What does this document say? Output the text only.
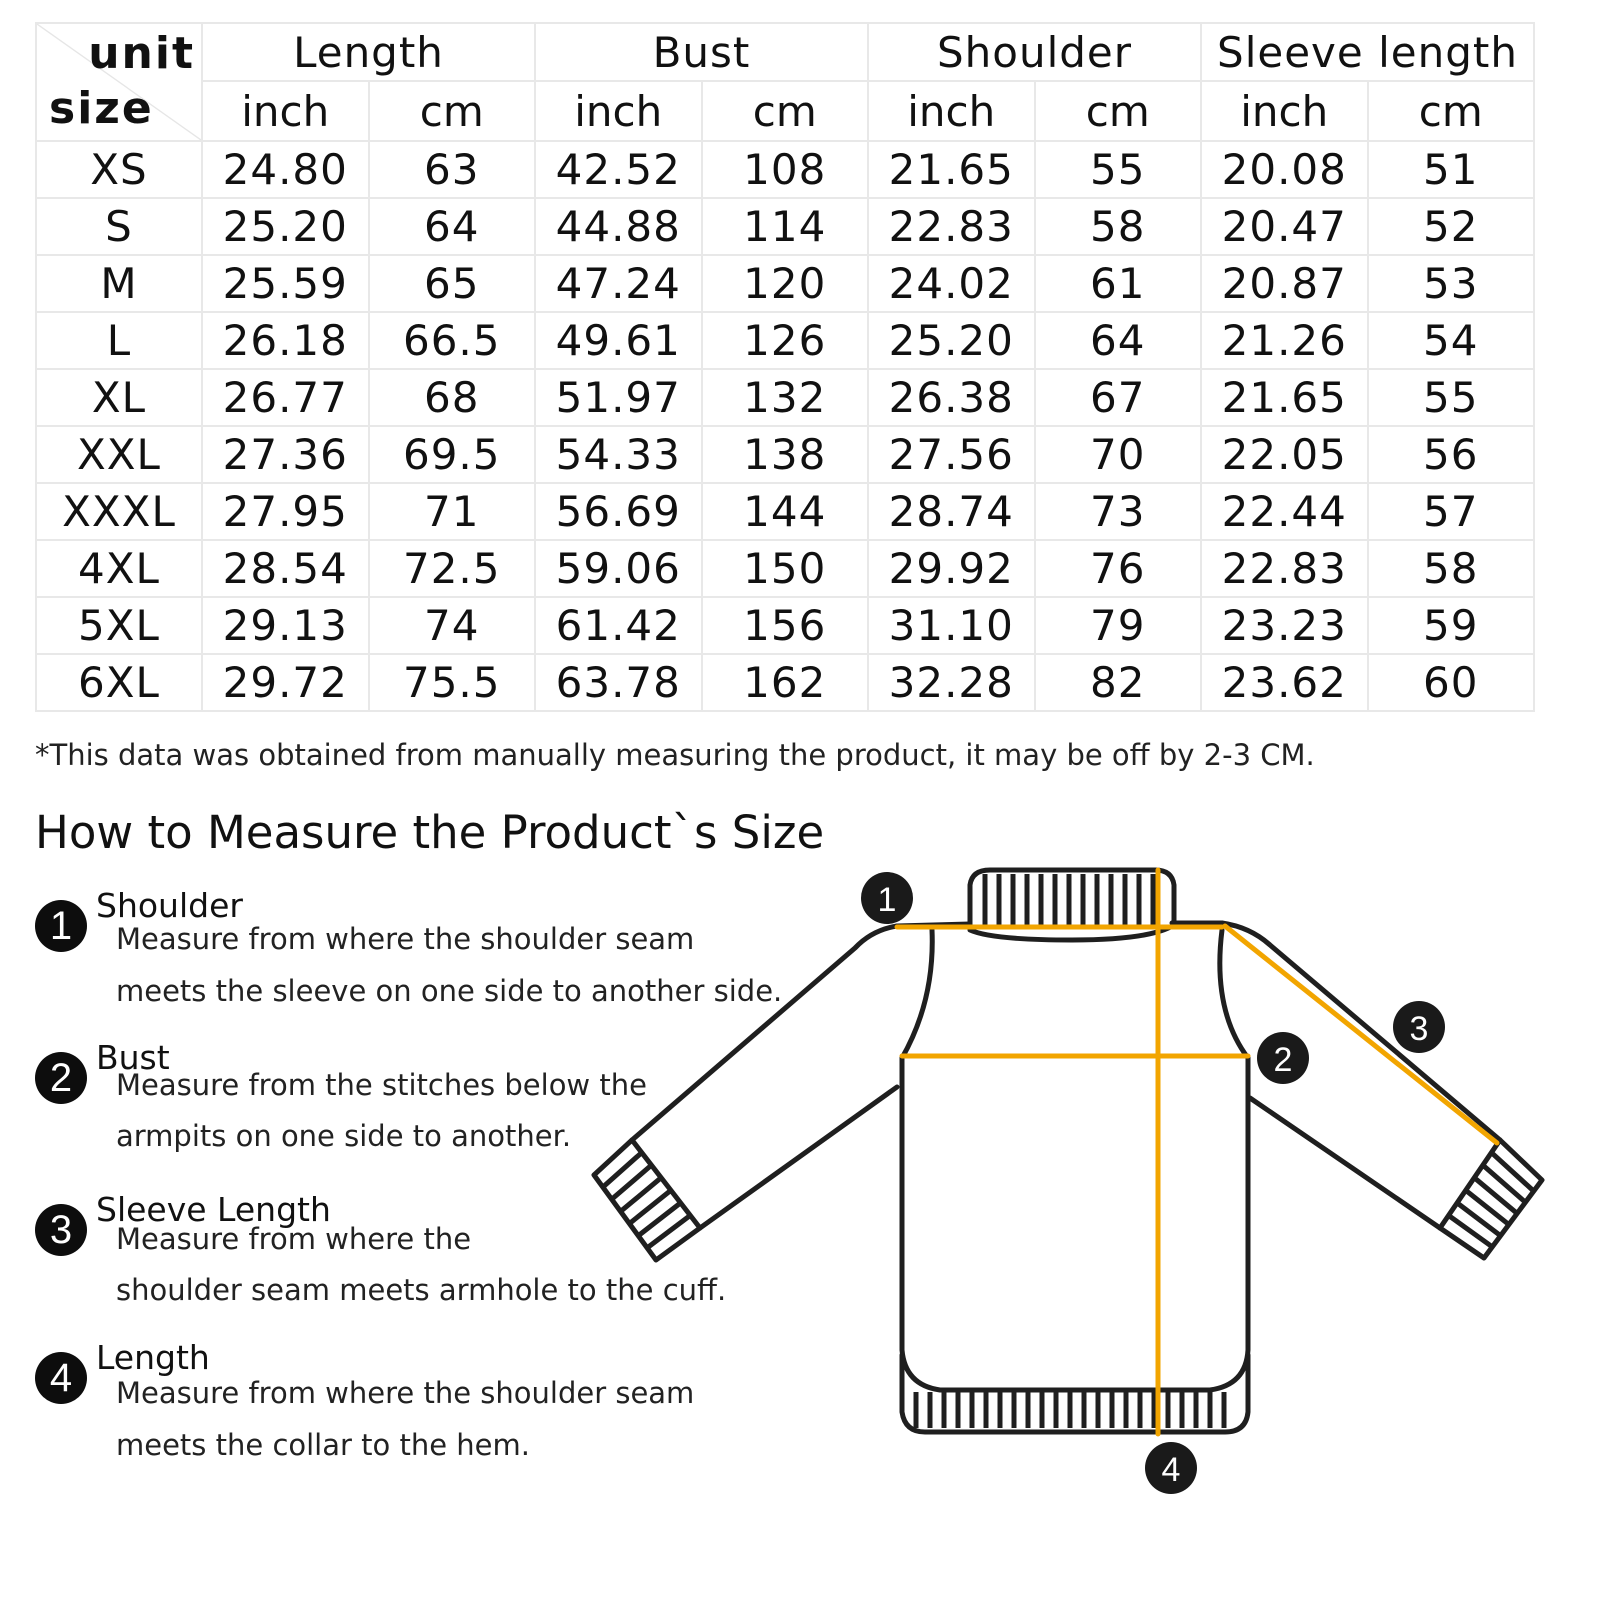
unit
size	Length		Bust		Shoulder		Sleeve length	
	inch	cm	inch	cm	inch	cm	inch	cm
XS	24.80	63	42.52	108	21.65	55	20.08	51
S	25.20	64	44.88	114	22.83	58	20.47	52
M	25.59	65	47.24	120	24.02	61	20.87	53
L	26.18	66.5	49.61	126	25.20	64	21.26	54
XL	26.77	68	51.97	132	26.38	67	21.65	55
XXL	27.36	69.5	54.33	138	27.56	70	22.05	56
XXXL	27.95	71	56.69	144	28.74	73	22.44	57
4XL	28.54	72.5	59.06	150	29.92	76	22.83	58
5XL	29.13	74	61.42	156	31.10	79	23.23	59
6XL	29.72	75.5	63.78	162	32.28	82	23.62	60
*This data was obtained from manually measuring the product, it may be off by 2-3 CM.
How to Measure the Product`s Size
1 Shoulder
Measure from where the shoulder seam
meets the sleeve on one side to another side.
2 Bust
Measure from the stitches below the
armpits on one side to another.
3 Sleeve Length
Measure from where the
shoulder seam meets armhole to the cuff.
4 Length
Measure from where the shoulder seam
meets the collar to the hem.
1
2
3
4
